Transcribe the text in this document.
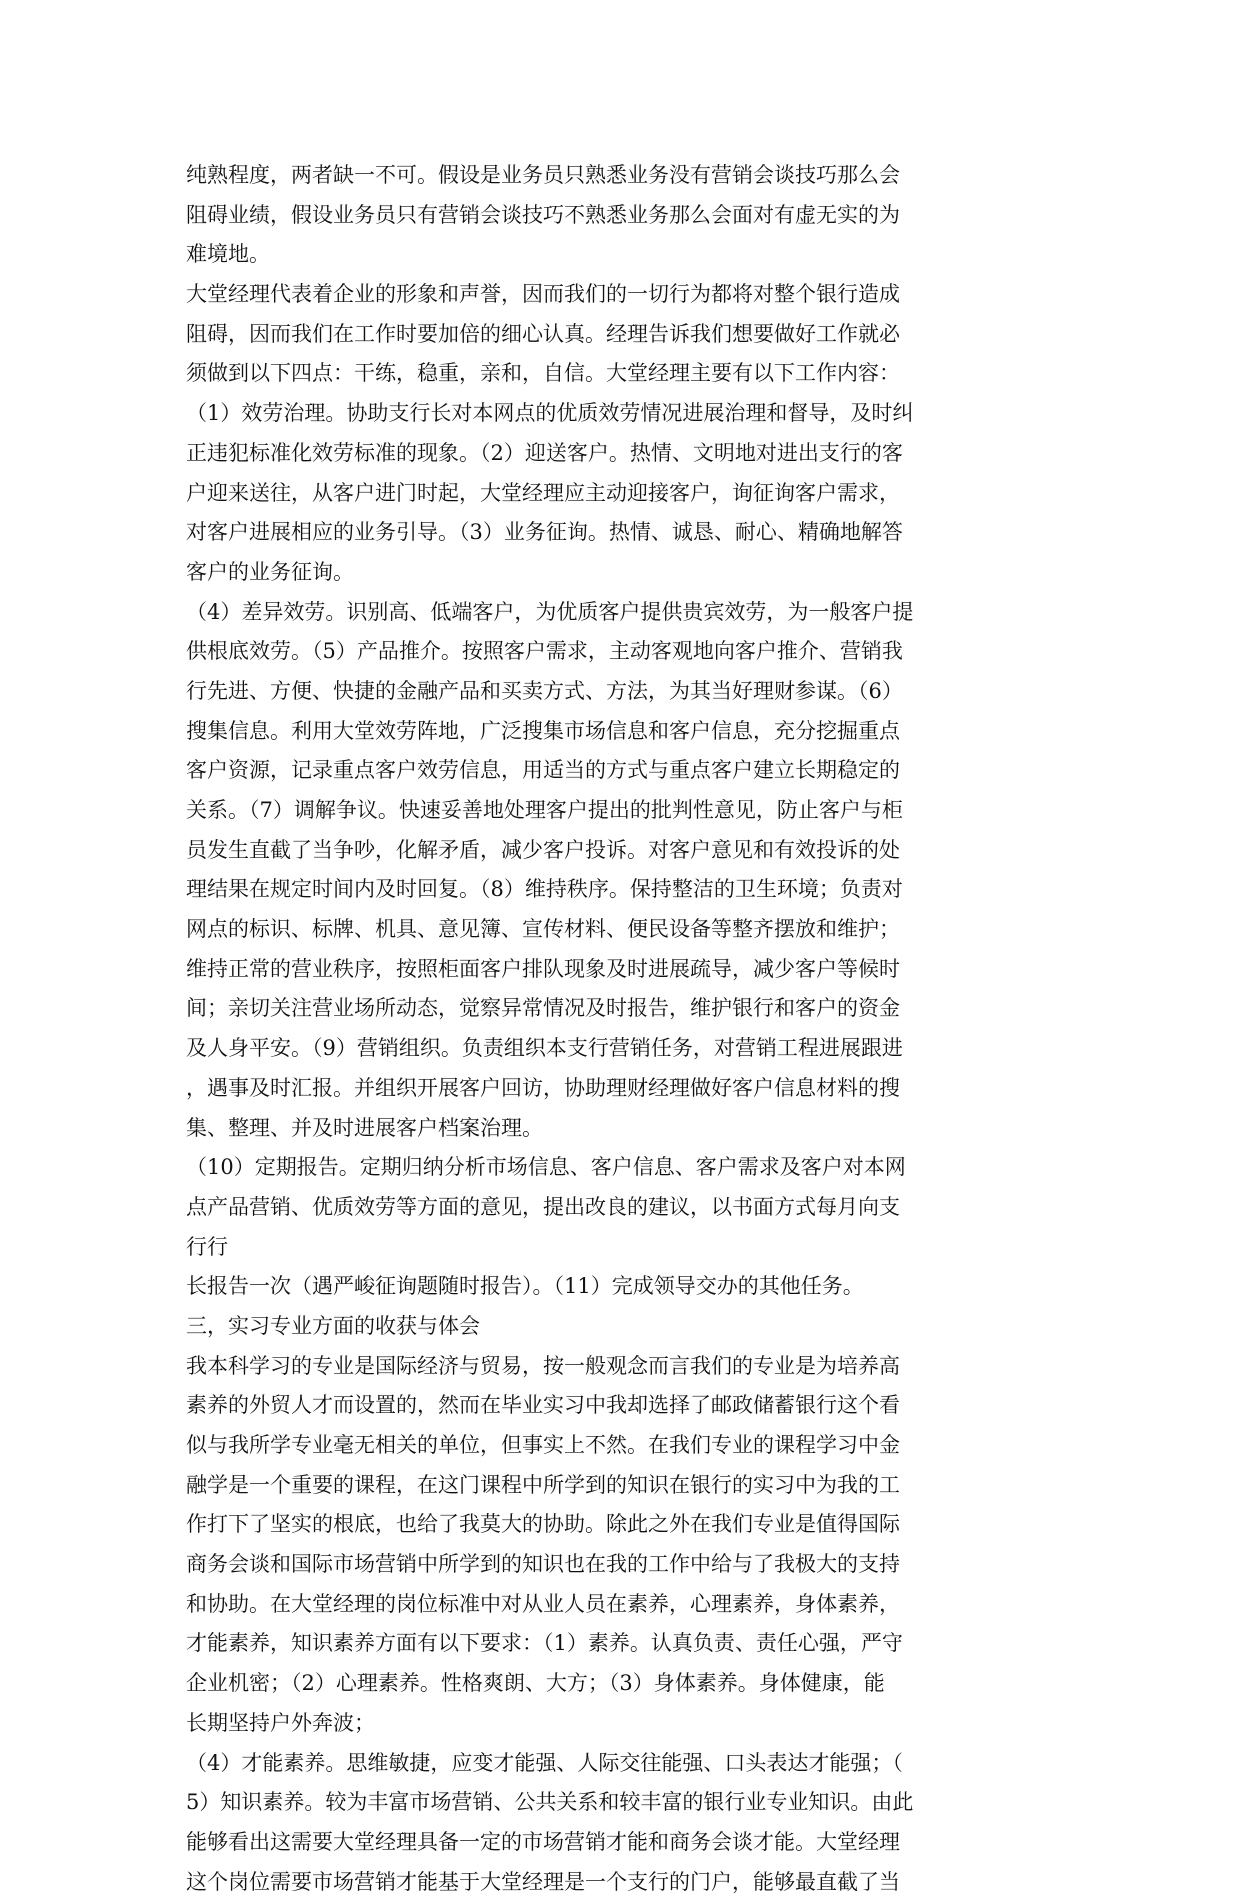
纯熟程度，两者缺一不可。假设是业务员只熟悉业务没有营销会谈技巧那么会
阻碍业绩，假设业务员只有营销会谈技巧不熟悉业务那么会面对有虚无实的为
难境地。
大堂经理代表着企业的形象和声誉，因而我们的一切行为都将对整个银行造成
阻碍，因而我们在工作时要加倍的细心认真。经理告诉我们想要做好工作就必
须做到以下四点：干练，稳重，亲和，自信。大堂经理主要有以下工作内容：
（1）效劳治理。协助支行长对本网点的优质效劳情况进展治理和督导，及时纠
正违犯标准化效劳标准的现象。（2）迎送客户。热情、文明地对进出支行的客
户迎来送往，从客户进门时起，大堂经理应主动迎接客户，询征询客户需求，
对客户进展相应的业务引导。（3）业务征询。热情、诚恳、耐心、精确地解答
客户的业务征询。
（4）差异效劳。识别高、低端客户，为优质客户提供贵宾效劳，为一般客户提
供根底效劳。（5）产品推介。按照客户需求，主动客观地向客户推介、营销我
行先进、方便、快捷的金融产品和买卖方式、方法，为其当好理财参谋。（6）
搜集信息。利用大堂效劳阵地，广泛搜集市场信息和客户信息，充分挖掘重点
客户资源，记录重点客户效劳信息，用适当的方式与重点客户建立长期稳定的
关系。（7）调解争议。快速妥善地处理客户提出的批判性意见，防止客户与柜
员发生直截了当争吵，化解矛盾，减少客户投诉。对客户意见和有效投诉的处
理结果在规定时间内及时回复。（8）维持秩序。保持整洁的卫生环境；负责对
网点的标识、标牌、机具、意见簿、宣传材料、便民设备等整齐摆放和维护；
维持正常的营业秩序，按照柜面客户排队现象及时进展疏导，减少客户等候时
间；亲切关注营业场所动态，觉察异常情况及时报告，维护银行和客户的资金
及人身平安。（9）营销组织。负责组织本支行营销任务，对营销工程进展跟进
，遇事及时汇报。并组织开展客户回访，协助理财经理做好客户信息材料的搜
集、整理、并及时进展客户档案治理。
（10）定期报告。定期归纳分析市场信息、客户信息、客户需求及客户对本网
点产品营销、优质效劳等方面的意见，提出改良的建议，以书面方式每月向支
行行
长报告一次（遇严峻征询题随时报告）。（11）完成领导交办的其他任务。
三，实习专业方面的收获与体会
我本科学习的专业是国际经济与贸易，按一般观念而言我们的专业是为培养高
素养的外贸人才而设置的，然而在毕业实习中我却选择了邮政储蓄银行这个看
似与我所学专业毫无相关的单位，但事实上不然。在我们专业的课程学习中金
融学是一个重要的课程，在这门课程中所学到的知识在银行的实习中为我的工
作打下了坚实的根底，也给了我莫大的协助。除此之外在我们专业是值得国际
商务会谈和国际市场营销中所学到的知识也在我的工作中给与了我极大的支持
和协助。在大堂经理的岗位标准中对从业人员在素养，心理素养，身体素养，
才能素养，知识素养方面有以下要求：（1）素养。认真负责、责任心强，严守
企业机密；（2）心理素养。性格爽朗、大方；（3）身体素养。身体健康，能
长期坚持户外奔波；
（4）才能素养。思维敏捷，应变才能强、人际交往能强、口头表达才能强；（
5）知识素养。较为丰富市场营销、公共关系和较丰富的银行业专业知识。由此
能够看出这需要大堂经理具备一定的市场营销才能和商务会谈才能。大堂经理
这个岗位需要市场营销才能基于大堂经理是一个支行的门户，能够最直截了当
